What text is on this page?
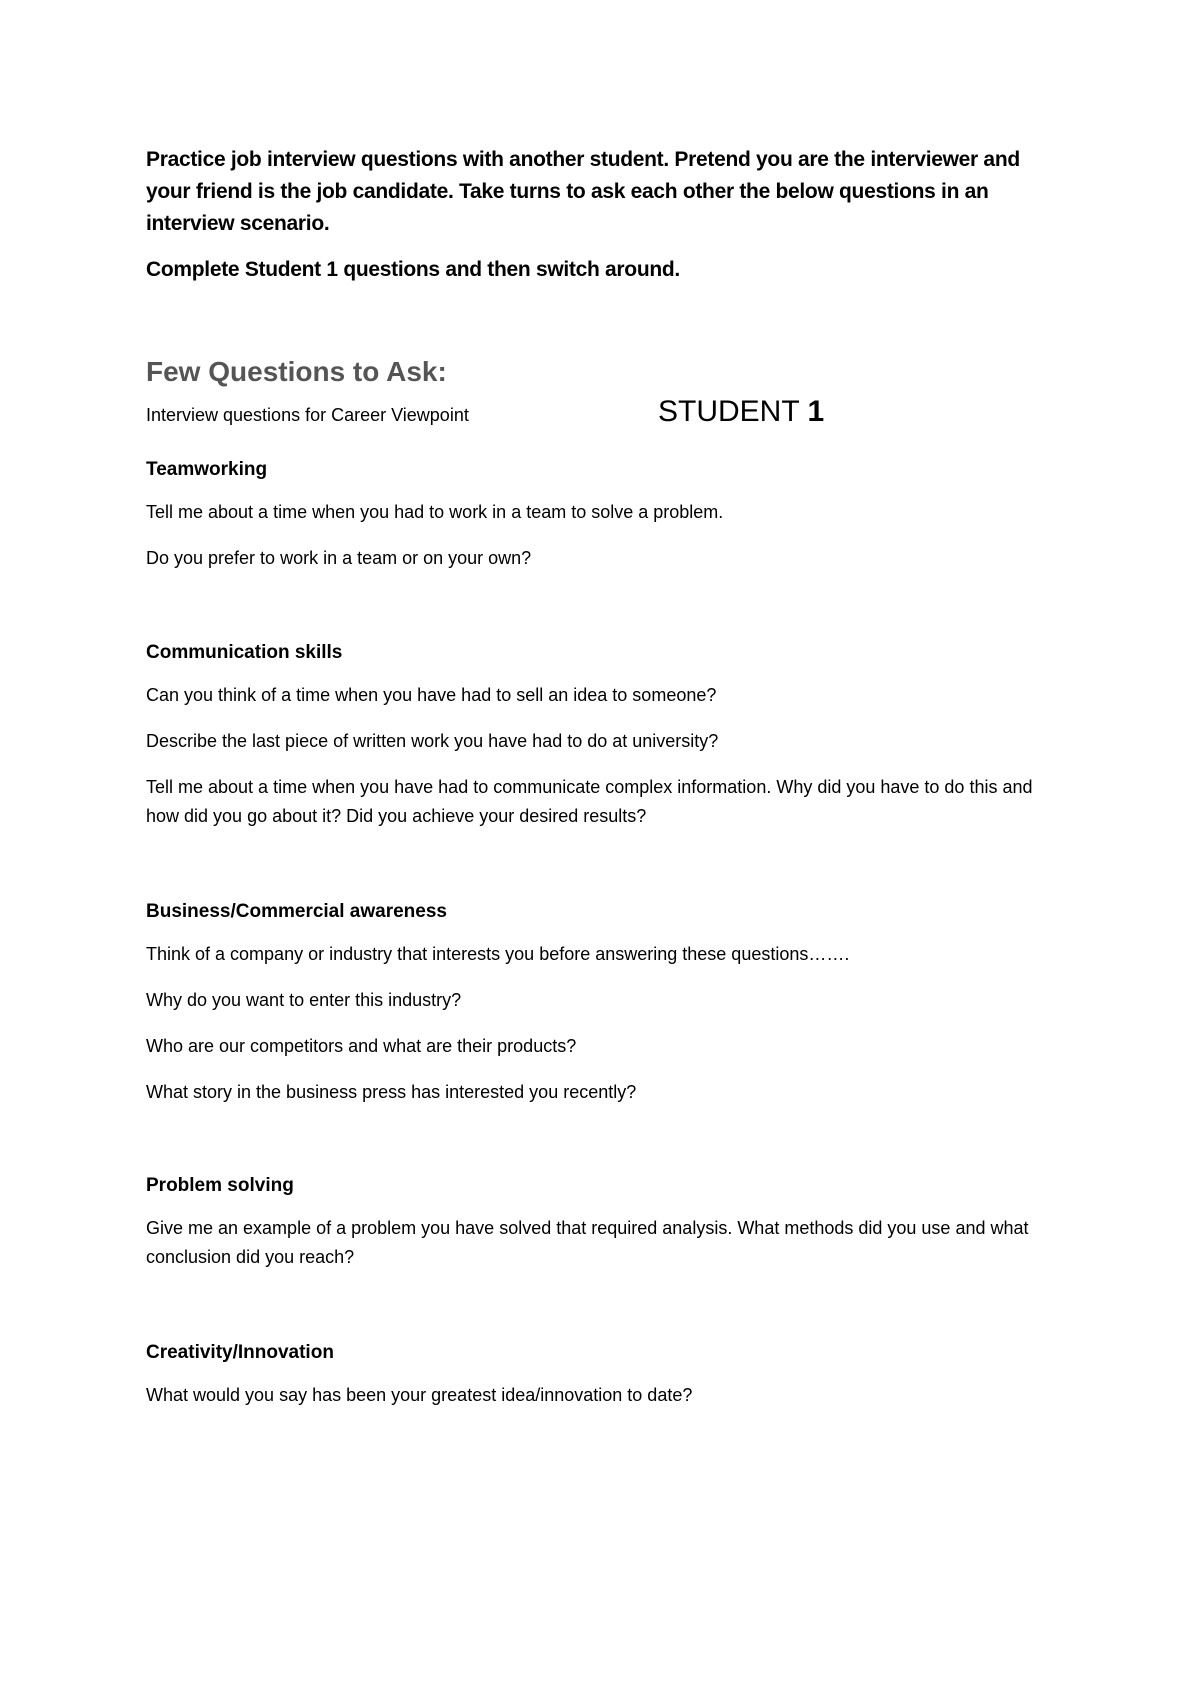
Practice job interview questions with another student. Pretend you are the interviewer and your friend is the job candidate. Take turns to ask each other the below questions in an interview scenario.

Complete Student 1 questions and then switch around.

Few Questions to Ask:

Interview questions for Career Viewpoint	STUDENT 1

Teamworking

Tell me about a time when you had to work in a team to solve a problem.

Do you prefer to work in a team or on your own?

Communication skills

Can you think of a time when you have had to sell an idea to someone?

Describe the last piece of written work you have had to do at university?

Tell me about a time when you have had to communicate complex information. Why did you have to do this and how did you go about it? Did you achieve your desired results?

Business/Commercial awareness

Think of a company or industry that interests you before answering these questions…….

Why do you want to enter this industry?

Who are our competitors and what are their products?

What story in the business press has interested you recently?

Problem solving

Give me an example of a problem you have solved that required analysis. What methods did you use and what conclusion did you reach?

Creativity/Innovation

What would you say has been your greatest idea/innovation to date?
